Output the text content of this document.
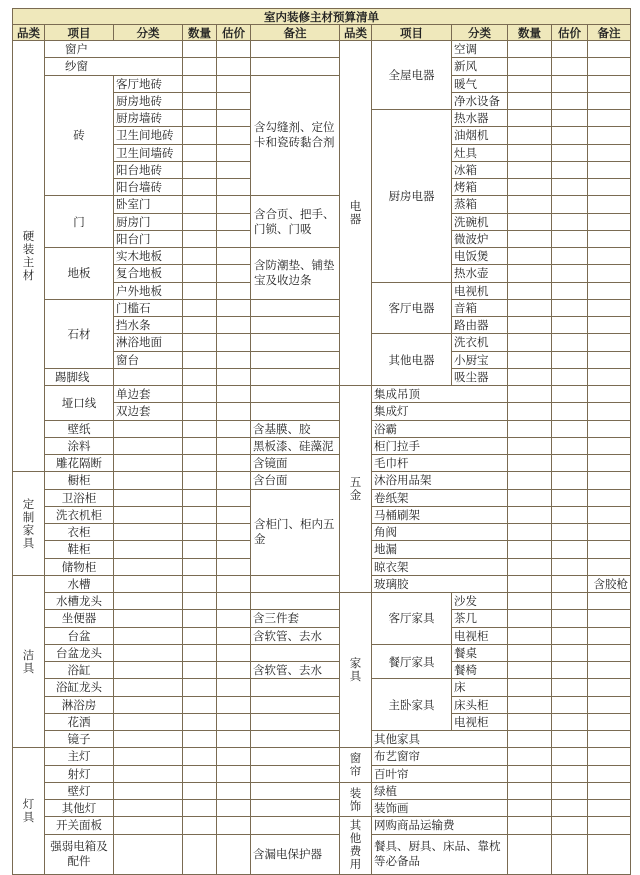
室内装修主材预算清单											
品类	项目	分类	数量	估价	备注	品类	项目	分类	数量	估价	备注
硬装主材	窗户					电器	全屋电器	空调			
	纱窗							新风			
	砖	客厅地砖			含勾缝剂、定位卡和瓷砖黏合剂			暖气			
		厨房地砖						净水设备			
		厨房墙砖					厨房电器	热水器			
		卫生间地砖						油烟机			
		卫生间墙砖						灶具			
		阳台地砖						冰箱			
		阳台墙砖						烤箱			
	门	卧室门			含合页、把手、门锁、门吸			蒸箱			
		厨房门						洗碗机			
		阳台门						微波炉			
	地板	实木地板			含防潮垫、铺垫宝及收边条			电饭煲			
		复合地板						热水壶			
		户外地板					客厅电器	电视机			
	石材	门槛石						音箱			
		挡水条						路由器			
		淋浴地面					其他电器	洗衣机			
		窗台						小厨宝			
	踢脚线							吸尘器			
	垭口线	单边套				五金	集成吊顶				
		双边套					集成灯				
	壁纸				含基膜、胶		浴霸				
	涂料				黑板漆、硅藻泥		柜门拉手				
	雕花隔断				含镜面		毛巾杆				
定制家具	橱柜				含台面		沐浴用品架				
	卫浴柜				含柜门、柜内五金		卷纸架				
	洗衣机柜						马桶刷架				
	衣柜						角阀				
	鞋柜						地漏				
	储物柜						晾衣架				
洁具	水槽						玻璃胶				含胶枪
	水槽龙头					家具	客厅家具	沙发			
	坐便器				含三件套			茶几			
	台盆				含软管、去水			电视柜			
	台盆龙头						餐厅家具	餐桌			
	浴缸				含软管、去水			餐椅			
	浴缸龙头						主卧家具	床			
	淋浴房							床头柜			
	花洒							电视柜			
	镜子						其他家具				
灯具	主灯					窗帘	布艺窗帘				
	射灯						百叶帘				
	壁灯					装饰	绿植				
	其他灯						装饰画				
	开关面板					其他费用	网购商品运输费				
	强弱电箱及配件				含漏电保护器		餐具、厨具、床品、靠枕等必备品				
